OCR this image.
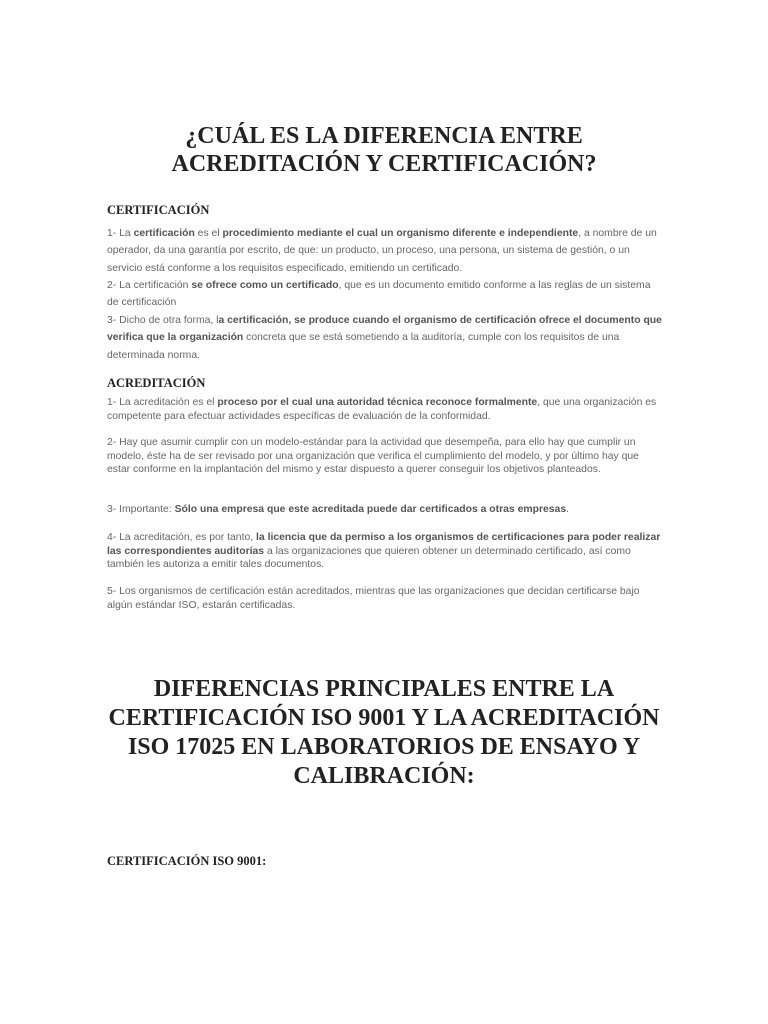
¿CUÁL ES LA DIFERENCIA ENTRE ACREDITACIÓN Y CERTIFICACIÓN?
CERTIFICACIÓN
1- La certificación es el procedimiento mediante el cual un organismo diferente e independiente, a nombre de un operador, da una garantía por escrito, de que: un producto, un proceso, una persona, un sistema de gestión, o un servicio está conforme a los requisitos especificado, emitiendo un certificado.
2- La certificación se ofrece como un certificado, que es un documento emitido conforme a las reglas de un sistema de certificación
3- Dicho de otra forma, la certificación, se produce cuando el organismo de certificación ofrece el documento que verifica que la organización concreta que se está sometiendo a la auditoría, cumple con los requisitos de una determinada norma.
ACREDITACIÓN
1- La acreditación es el proceso por el cual una autoridad técnica reconoce formalmente, que una organización es competente para efectuar actividades específicas de evaluación de la conformidad.
2- Hay que asumir cumplir con un modelo-estándar para la actividad que desempeña, para ello hay que cumplir un modelo, éste ha de ser revisado por una organización que verifica el cumplimiento del modelo, y por último hay que estar conforme en la implantación del mismo y estar dispuesto a querer conseguir los objetivos planteados.
3- Importante: Sólo una empresa que este acreditada puede dar certificados a otras empresas.
4- La acreditación, es por tanto, la licencia que da permiso a los organismos de certificaciones para poder realizar las correspondientes auditorías a las organizaciones que quieren obtener un determinado certificado, así como también les autoriza a emitir tales documentos.
5- Los organismos de certificación están acreditados, mientras que las organizaciones que decidan certificarse bajo algún estándar ISO, estarán certificadas.
DIFERENCIAS PRINCIPALES ENTRE LA CERTIFICACIÓN ISO 9001 Y LA ACREDITACIÓN ISO 17025 EN LABORATORIOS DE ENSAYO Y CALIBRACIÓN:
CERTIFICACIÓN ISO 9001:
